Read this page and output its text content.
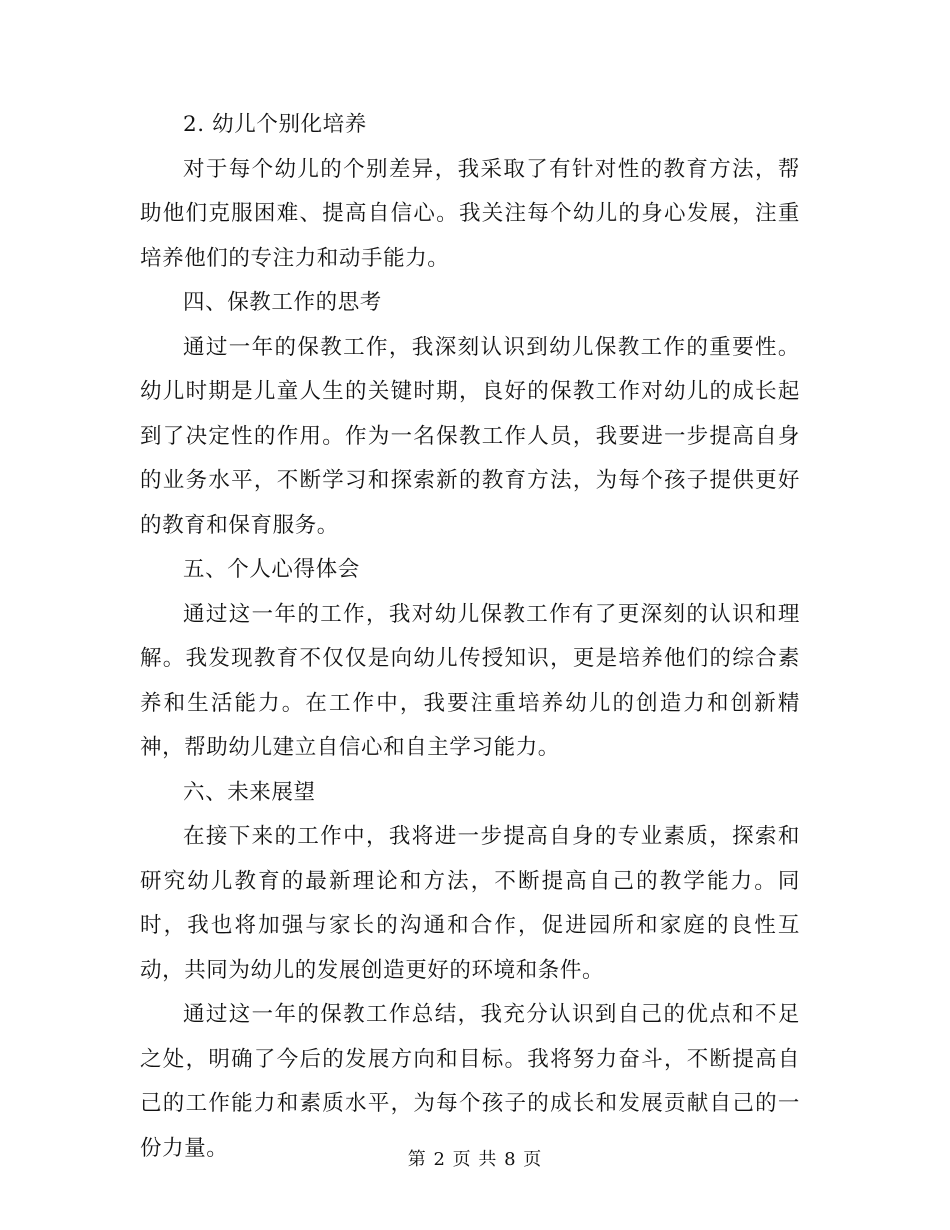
2. 幼儿个别化培养

对于每个幼儿的个别差异，我采取了有针对性的教育方法，帮助他们克服困难、提高自信心。我关注每个幼儿的身心发展，注重培养他们的专注力和动手能力。

四、保教工作的思考

通过一年的保教工作，我深刻认识到幼儿保教工作的重要性。幼儿时期是儿童人生的关键时期，良好的保教工作对幼儿的成长起到了决定性的作用。作为一名保教工作人员，我要进一步提高自身的业务水平，不断学习和探索新的教育方法，为每个孩子提供更好的教育和保育服务。

五、个人心得体会

通过这一年的工作，我对幼儿保教工作有了更深刻的认识和理解。我发现教育不仅仅是向幼儿传授知识，更是培养他们的综合素养和生活能力。在工作中，我要注重培养幼儿的创造力和创新精神，帮助幼儿建立自信心和自主学习能力。

六、未来展望

在接下来的工作中，我将进一步提高自身的专业素质，探索和研究幼儿教育的最新理论和方法，不断提高自己的教学能力。同时，我也将加强与家长的沟通和合作，促进园所和家庭的良性互动，共同为幼儿的发展创造更好的环境和条件。

通过这一年的保教工作总结，我充分认识到自己的优点和不足之处，明确了今后的发展方向和目标。我将努力奋斗，不断提高自己的工作能力和素质水平，为每个孩子的成长和发展贡献自己的一份力量。	第 2 页 共 8 页
